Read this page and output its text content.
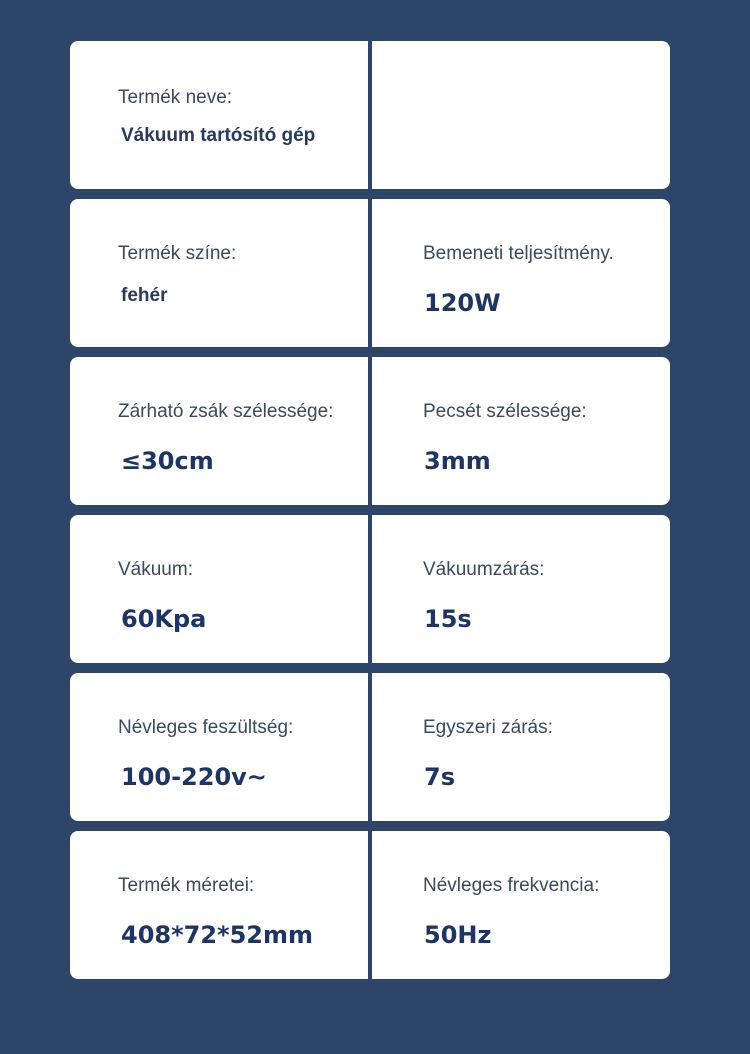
Termék neve:
Vákuum tartósító gép
Termék színe:
fehér
Bemeneti teljesítmény.
120W
Zárható zsák szélessége:
≤30cm
Pecsét szélessége:
3mm
Vákuum:
60Kpa
Vákuumzárás:
15s
Névleges feszültség:
100-220v~
Egyszeri zárás:
7s
Termék méretei:
408*72*52mm
Névleges frekvencia:
50Hz
